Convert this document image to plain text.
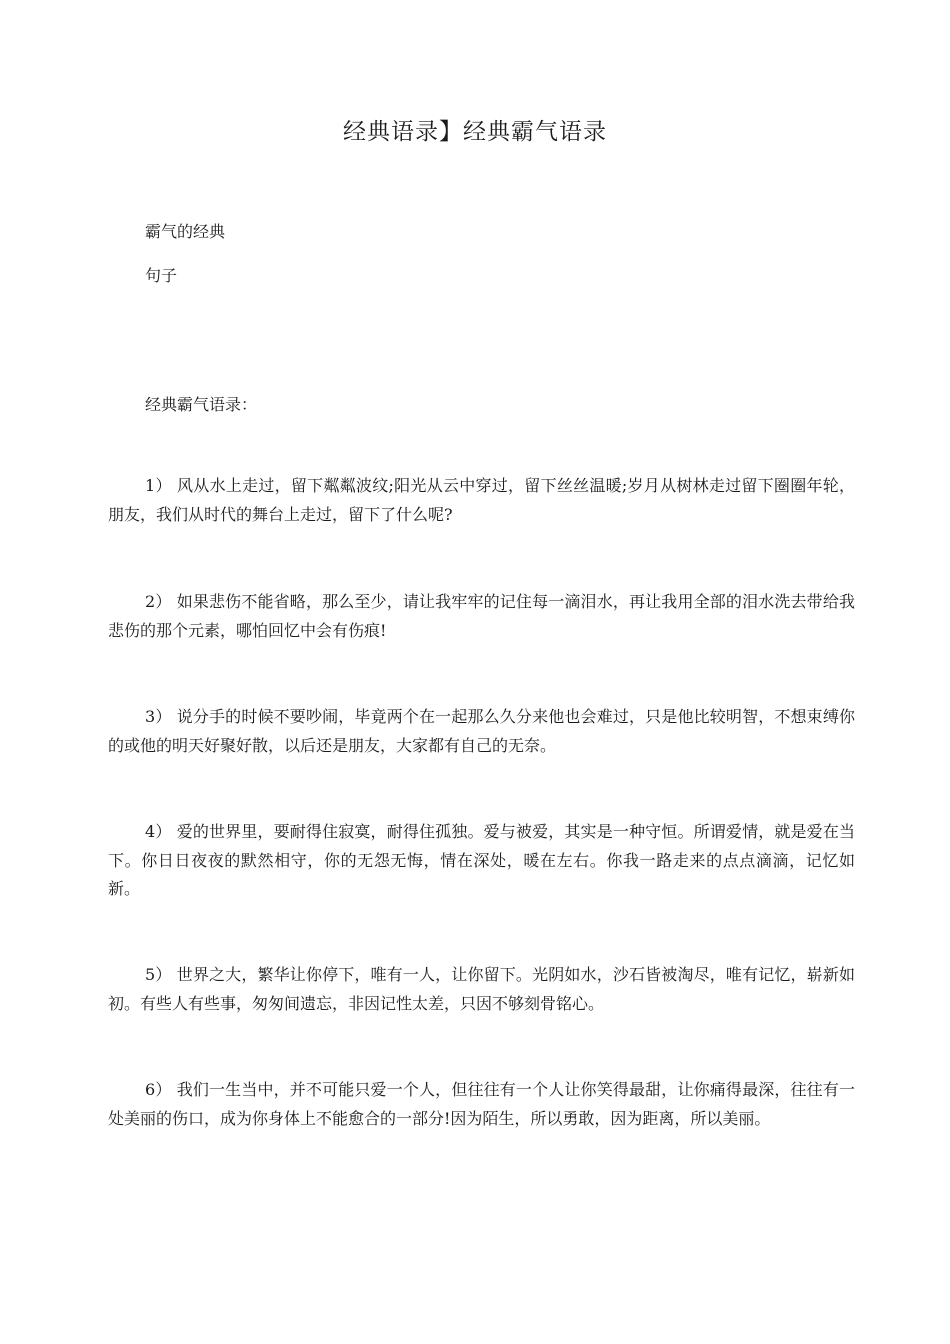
经典语录】经典霸气语录
霸气的经典
句子
经典霸气语录：

1） 风从水上走过，留下粼粼波纹;阳光从云中穿过，留下丝丝温暖;岁月从树林走过留下圈圈年轮，朋友，我们从时代的舞台上走过，留下了什么呢?

2） 如果悲伤不能省略，那么至少，请让我牢牢的记住每一滴泪水，再让我用全部的泪水洗去带给我悲伤的那个元素，哪怕回忆中会有伤痕!

3） 说分手的时候不要吵闹，毕竟两个在一起那么久分来他也会难过，只是他比较明智，不想束缚你的或他的明天好聚好散，以后还是朋友，大家都有自己的无奈。

4） 爱的世界里，要耐得住寂寞，耐得住孤独。爱与被爱，其实是一种守恒。所谓爱情，就是爱在当下。你日日夜夜的默然相守，你的无怨无悔，情在深处，暖在左右。你我一路走来的点点滴滴，记忆如新。

5） 世界之大，繁华让你停下，唯有一人，让你留下。光阴如水，沙石皆被淘尽，唯有记忆，崭新如初。有些人有些事，匆匆间遗忘，非因记性太差，只因不够刻骨铭心。

6） 我们一生当中，并不可能只爱一个人，但往往有一个人让你笑得最甜，让你痛得最深，往往有一处美丽的伤口，成为你身体上不能愈合的一部分!因为陌生，所以勇敢，因为距离，所以美丽。
